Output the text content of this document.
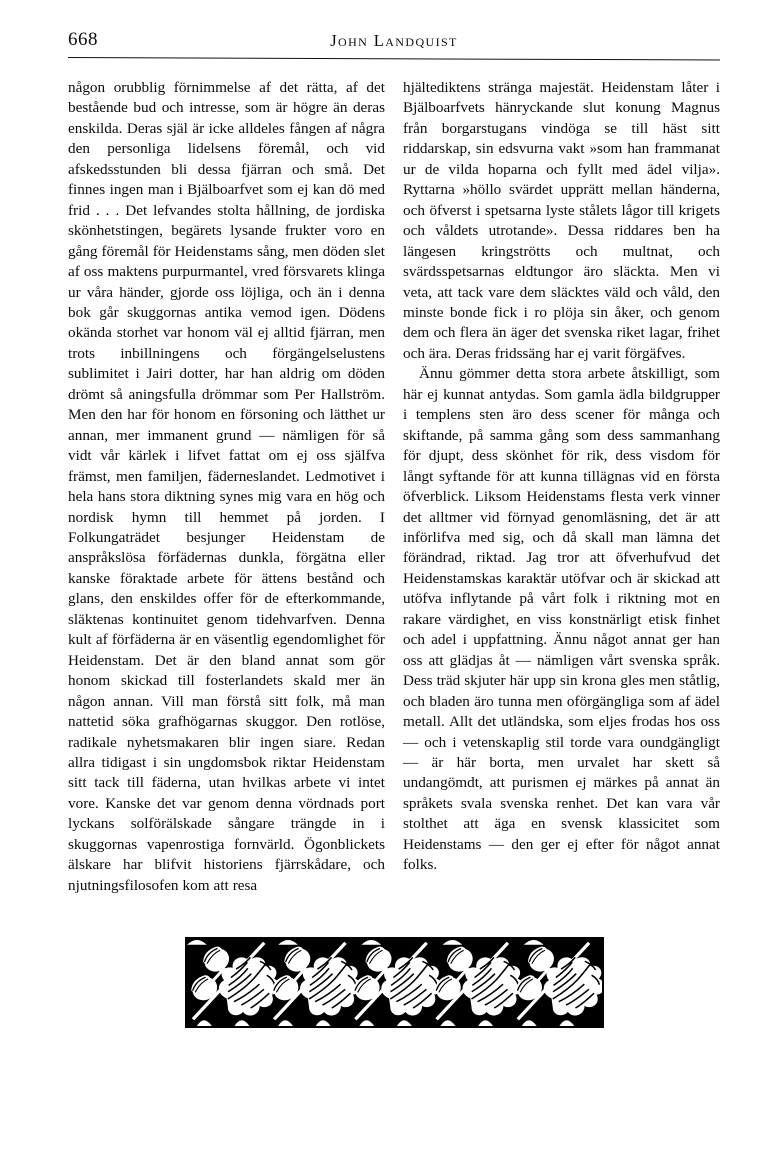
668	John Landquist

någon orubblig förnimmelse af det rätta, af det bestående bud och intresse, som är högre än deras enskilda. Deras själ är icke alldeles fången af några den personliga lidelsens föremål, och vid afskedsstunden bli dessa fjärran och små. Det finnes ingen man i Bjälboarfvet som ej kan dö med frid . . . Det lefvandes stolta hållning, de jordiska skönhetstingen, begärets lysande frukter voro en gång föremål för Heidenstams sång, men döden slet af oss maktens purpurmantel, vred försvarets klinga ur våra händer, gjorde oss löjliga, och än i denna bok går skuggornas antika vemod igen. Dödens okända storhet var honom väl ej alltid fjärran, men trots inbillningens och förgängelselustens sublimitet i Jairi dotter, har han aldrig om döden drömt så aningsfulla drömmar som Per Hallström. Men den har för honom en försoning och lätthet ur annan, mer immanent grund — nämligen för så vidt vår kärlek i lifvet fattat om ej oss själfva främst, men familjen, fäderneslandet. Ledmotivet i hela hans stora diktning synes mig vara en hög och nordisk hymn till hemmet på jorden. I Folkungaträdet besjunger Heidenstam de anspråkslösa förfädernas dunkla, förgätna eller kanske föraktade arbete för ättens bestånd och glans, den enskildes offer för de efterkommande, släktenas kontinuitet genom tidehvarfven. Denna kult af förfäderna är en väsentlig egendomlighet för Heidenstam. Det är den bland annat som gör honom skickad till fosterlandets skald mer än någon annan. Vill man förstå sitt folk, må man nattetid söka grafhögarnas skuggor. Den rotlöse, radikale nyhetsmakaren blir ingen siare. Redan allra tidigast i sin ungdomsbok riktar Heidenstam sitt tack till fäderna, utan hvilkas arbete vi intet vore. Kanske det var genom denna vördnads port lyckans solförälskade sångare trängde in i skuggornas vapenrostiga fornvärld. Ögonblickets älskare har blifvit historiens fjärrskådare, och njutningsfilosofen kom att resa

hjältediktens stränga majestät. Heidenstam låter i Bjälboarfvets hänryckande slut konung Magnus från borgarstugans vindöga se till häst sitt riddarskap, sin edsvurna vakt »som han frammanat ur de vilda hoparna och fyllt med ädel vilja». Ryttarna »höllo svärdet upprätt mellan händerna, och öfverst i spetsarna lyste stålets lågor till krigets och våldets utrotande». Dessa riddares ben ha längesen kringströtts och multnat, och svärdsspetsarnas eldtungor äro släckta. Men vi veta, att tack vare dem släcktes väld och våld, den minste bonde fick i ro plöja sin åker, och genom dem och flera än äger det svenska riket lagar, frihet och ära. Deras fridssäng har ej varit förgäfves.

Ännu gömmer detta stora arbete åtskilligt, som här ej kunnat antydas. Som gamla ädla bildgrupper i templens sten äro dess scener för många och skiftande, på samma gång som dess sammanhang för djupt, dess skönhet för rik, dess visdom för långt syftande för att kunna tillägnas vid en första öfverblick. Liksom Heidenstams flesta verk vinner det alltmer vid förnyad genomläsning, det är att införlifva med sig, och då skall man lämna det förändrad, riktad. Jag tror att öfverhufvud det Heidenstamskas karaktär utöfvar och är skickad att utöfva inflytande på vårt folk i riktning mot en rakare värdighet, en viss konstnärligt etisk finhet och adel i uppfattning. Ännu något annat ger han oss att glädjas åt — nämligen vårt svenska språk. Dess träd skjuter här upp sin krona gles men ståtlig, och bladen äro tunna men oförgängliga som af ädel metall. Allt det utländska, som eljes frodas hos oss — och i vetenskaplig stil torde vara oundgängligt — är här borta, men urvalet har skett så undangömdt, att purismen ej märkes på annat än språkets svala svenska renhet. Det kan vara vår stolthet att äga en svensk klassicitet som Heidenstams — den ger ej efter för något annat folks.
